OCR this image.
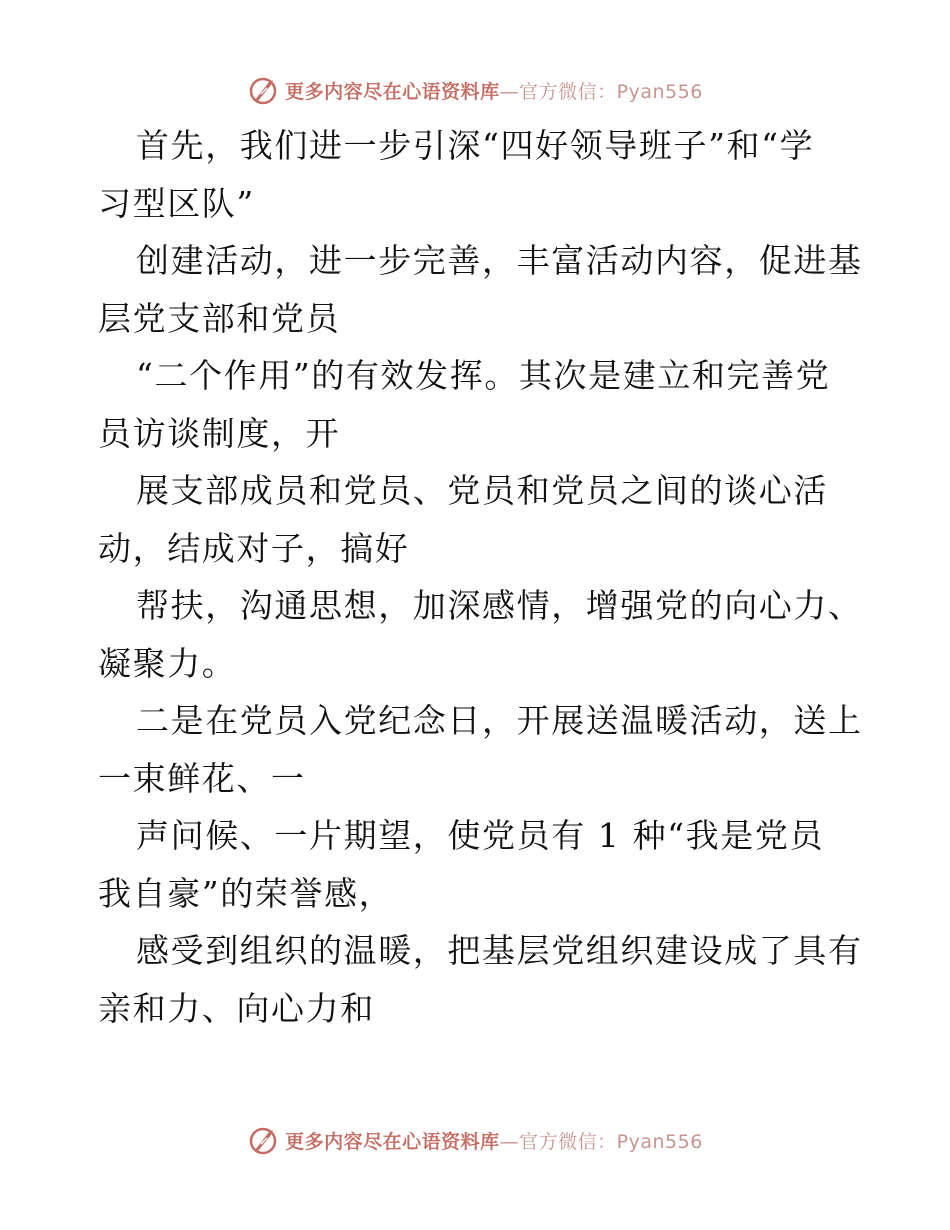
更多内容尽在心语资料库—官方微信：Pyan556
首先，我们进一步引深“四好领导班子”和“学
习型区队”
创建活动，进一步完善，丰富活动内容，促进基
层党支部和党员
“二个作用”的有效发挥。其次是建立和完善党
员访谈制度，开
展支部成员和党员、党员和党员之间的谈心活
动，结成对子，搞好
帮扶，沟通思想，加深感情，增强党的向心力、
凝聚力。
二是在党员入党纪念日，开展送温暖活动，送上
一束鲜花、一
声问候、一片期望，使党员有 1 种“我是党员
我自豪”的荣誉感，
感受到组织的温暖，把基层党组织建设成了具有
亲和力、向心力和
更多内容尽在心语资料库—官方微信：Pyan556
